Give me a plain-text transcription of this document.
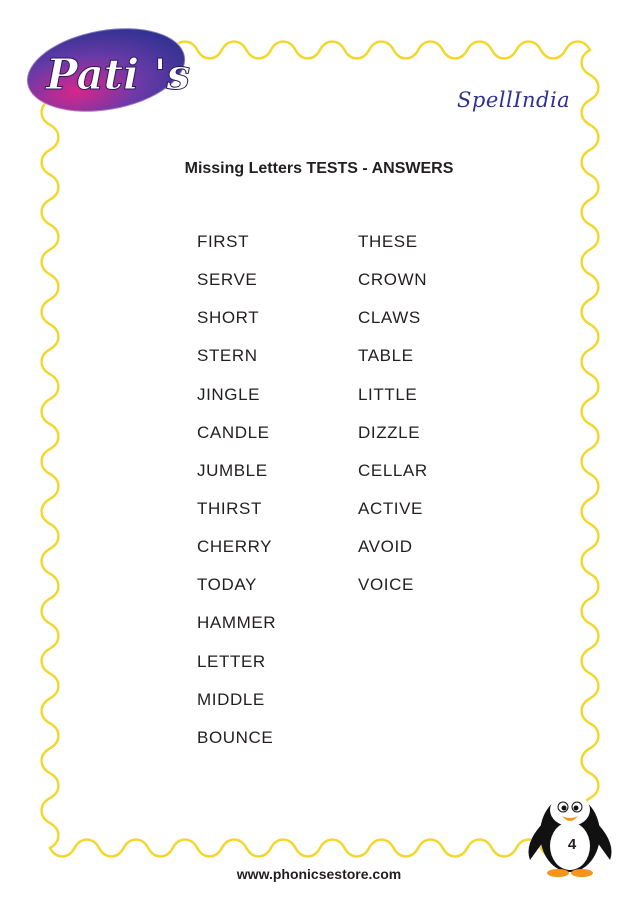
Pati 's
SpellIndia
Missing Letters TESTS - ANSWERS
FIRST
SERVE
SHORT
STERN
JINGLE
CANDLE
JUMBLE
THIRST
CHERRY
TODAY
HAMMER
LETTER
MIDDLE
BOUNCE
THESE
CROWN
CLAWS
TABLE
LITTLE
DIZZLE
CELLAR
ACTIVE
AVOID
VOICE
4
www.phonicsestore.com
